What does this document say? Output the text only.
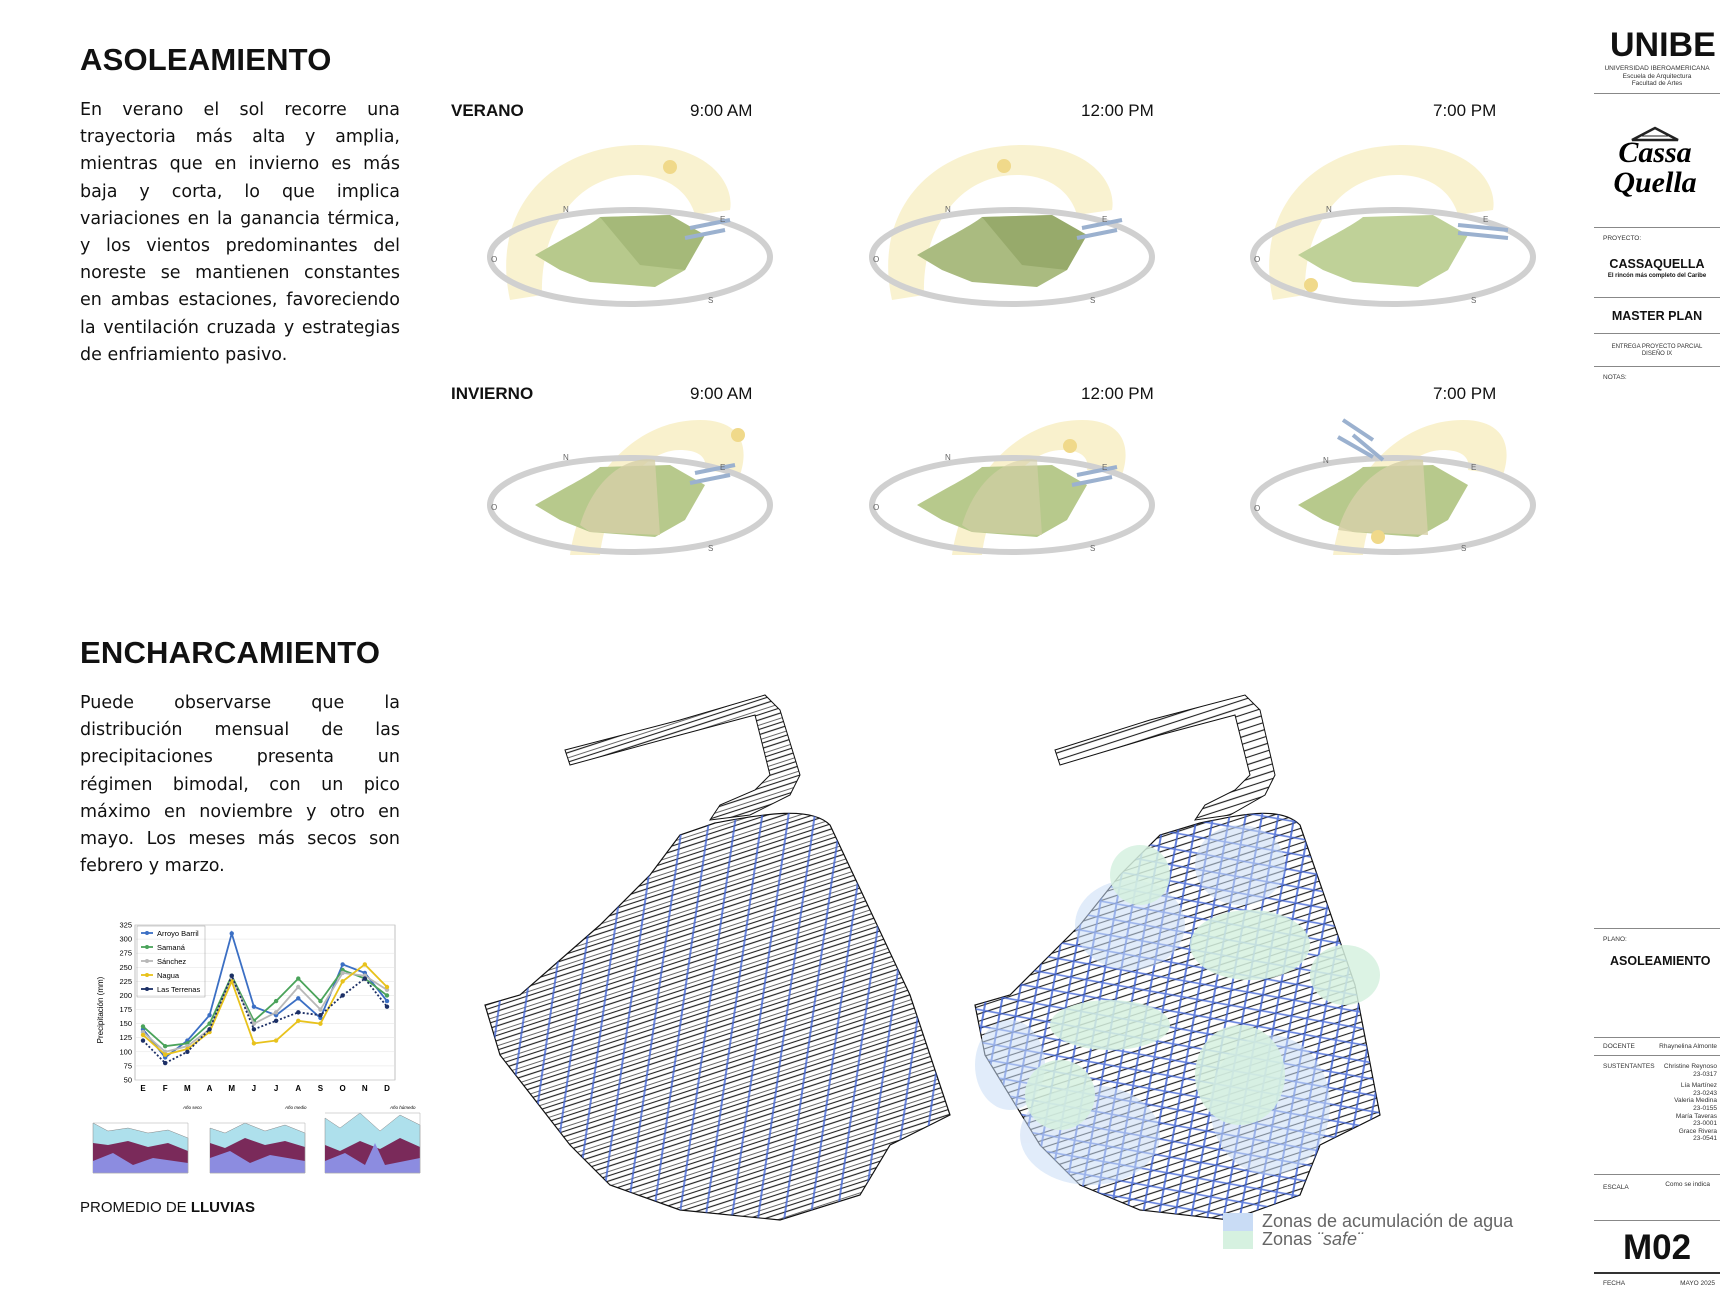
ASOLEAMIENTO
En verano el sol recorre una trayectoria más alta y amplia, mientras que en invierno es más baja y corta, lo que implica variaciones en la ganancia térmica, y los vientos predominantes del noreste se mantienen constantes en ambas estaciones, favoreciendo la ventilación cruzada y estrategias de enfriamiento pasivo.
VERANO	9:00 AM	12:00 PM	7:00 PM
INVIERNO	9:00 AM	12:00 PM	7:00 PM
N
E
S
O
N
E
S
O
N
E
S
O
N
E
S
O
N
E
S
O
N
E
S
O
ENCHARCAMIENTO
Puede observarse que la distribución mensual de las precipitaciones presenta un régimen bimodal, con un pico máximo en noviembre y otro en mayo. Los meses más secos son febrero y marzo.
Precipitación (mm)
325
300
275
250
225
200
175
150
125
100
75
50
E F M A M J J A S O N D
Arroyo Barril
Samaná
Sánchez
Nagua
Las Terrenas
Año seco	Año medio	Año húmedo
PROMEDIO DE LLUVIAS
Zonas de acumulación de agua
Zonas ¨safe¨
UNIBE
UNIVERSIDAD IBEROAMERICANA
Escuela de Arquitectura
Facultad de Artes
Cassa
Quella
PROYECTO:
CASSAQUELLA
El rincón más completo del Caribe
MASTER PLAN
ENTREGA PROYECTO PARCIAL
DISEÑO IX
NOTAS:
PLANO:
ASOLEAMIENTO
DOCENTE	Rhaynelina Almonte
SUSTENTANTES	Christine Reynoso
23-0317
Lía Martínez
23-0243
Valeria Medina
23-0155
María Taveras
23-0001
Grace Rivera
23-0541
ESCALA	Como se indica
M02
FECHA	MAYO 2025
